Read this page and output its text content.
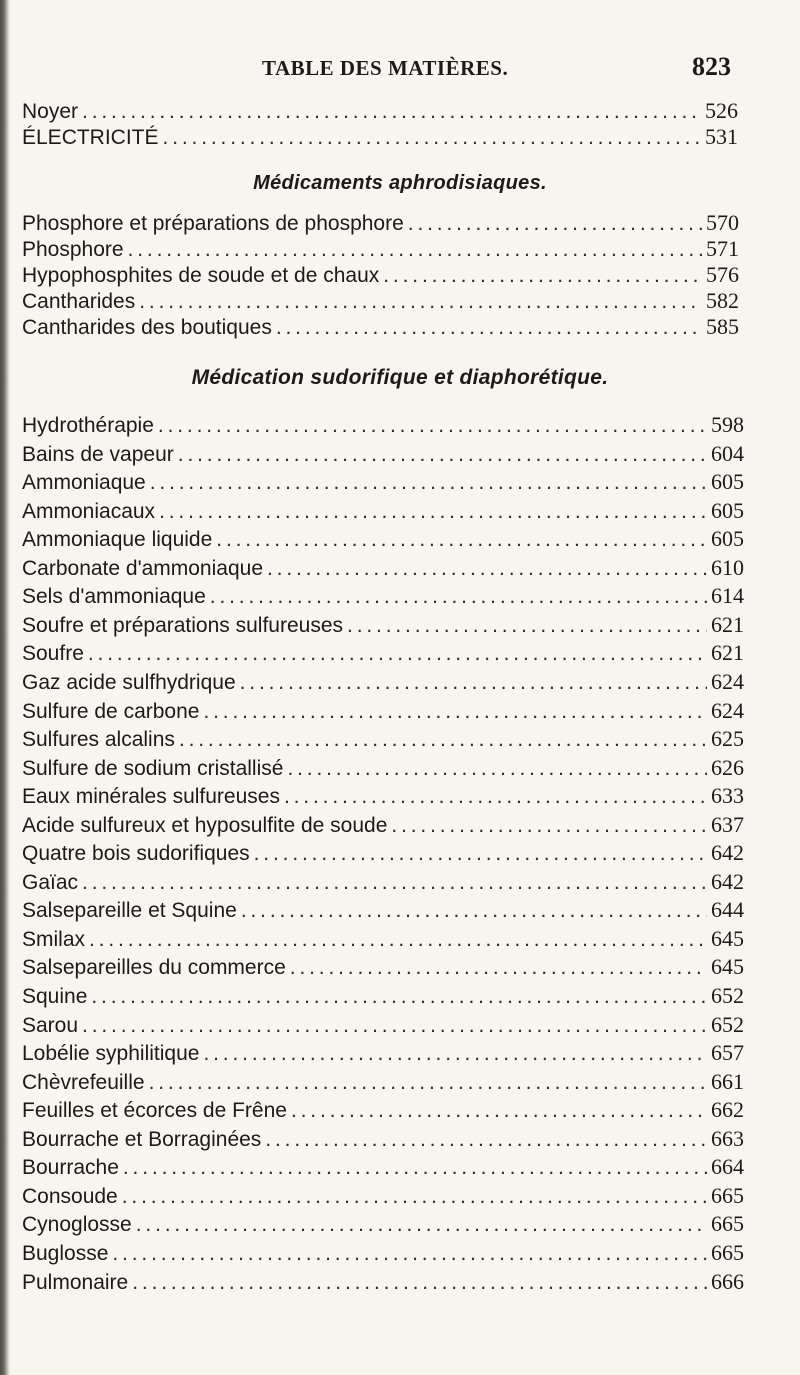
TABLE DES MATIÈRES.	823
Noyer . . .	526
ÉLECTRICITÉ . . .	531
Médicaments aphrodisiaques.
Phosphore et préparations de phosphore . . .	570
Phosphore . . .	571
Hypophosphites de soude et de chaux . . .	576
Cantharides . . .	582
Cantharides des boutiques . . .	585
Médication sudorifique et diaphorétique.
Hydrothérapie . . .	598
Bains de vapeur . . .	604
Ammoniaque . . .	605
Ammoniacaux . . .	605
Ammoniaque liquide . . .	605
Carbonate d'ammoniaque . . .	610
Sels d'ammoniaque . . .	614
Soufre et préparations sulfureuses . . .	621
Soufre . . .	621
Gaz acide sulfhydrique . . .	624
Sulfure de carbone . . .	624
Sulfures alcalins . . .	625
Sulfure de sodium cristallisé . . .	626
Eaux minérales sulfureuses . . .	633
Acide sulfureux et hyposulfite de soude . . .	637
Quatre bois sudorifiques . . .	642
Gaïac . . .	642
Salsepareille et Squine . . .	644
Smilax . . .	645
Salsepareilles du commerce . . .	645
Squine . . .	652
Sarou . . .	652
Lobélie syphilitique . . .	657
Chèvrefeuille . . .	661
Feuilles et écorces de Frêne . . .	662
Bourrache et Borraginées . . .	663
Bourrache . . .	664
Consoude . . .	665
Cynoglosse . . .	665
Buglosse . . .	665
Pulmonaire . . .	666
